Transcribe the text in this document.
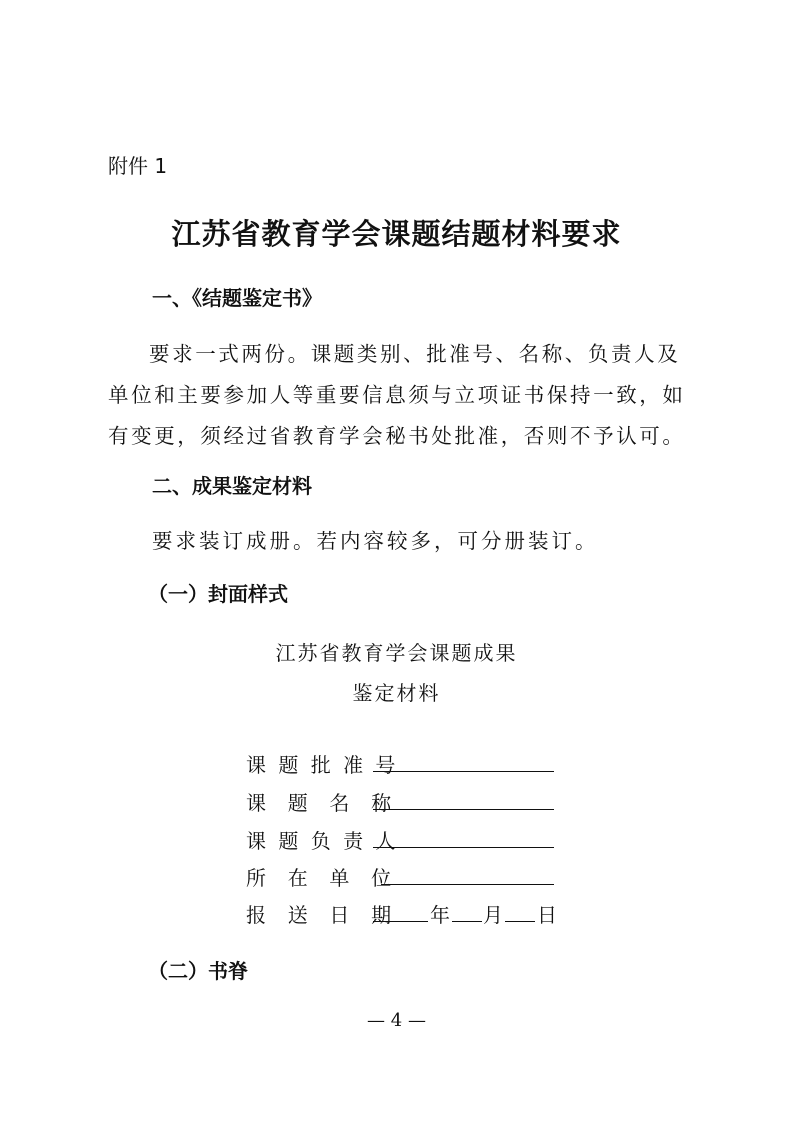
附件 1
江苏省教育学会课题结题材料要求
一、《结题鉴定书》
要求一式两份。课题类别、批准号、名称、负责人及单位和主要参加人等重要信息须与立项证书保持一致，如有变更，须经过省教育学会秘书处批准，否则不予认可。
二、成果鉴定材料
要求装订成册。若内容较多，可分册装订。
（一）封面样式
江苏省教育学会课题成果
鉴定材料
课 题 批 准 号
课  题  名  称
课 题 负 责 人
所  在  单  位
报  送  日  期 年 月 日
（二）书脊
— 4 —
